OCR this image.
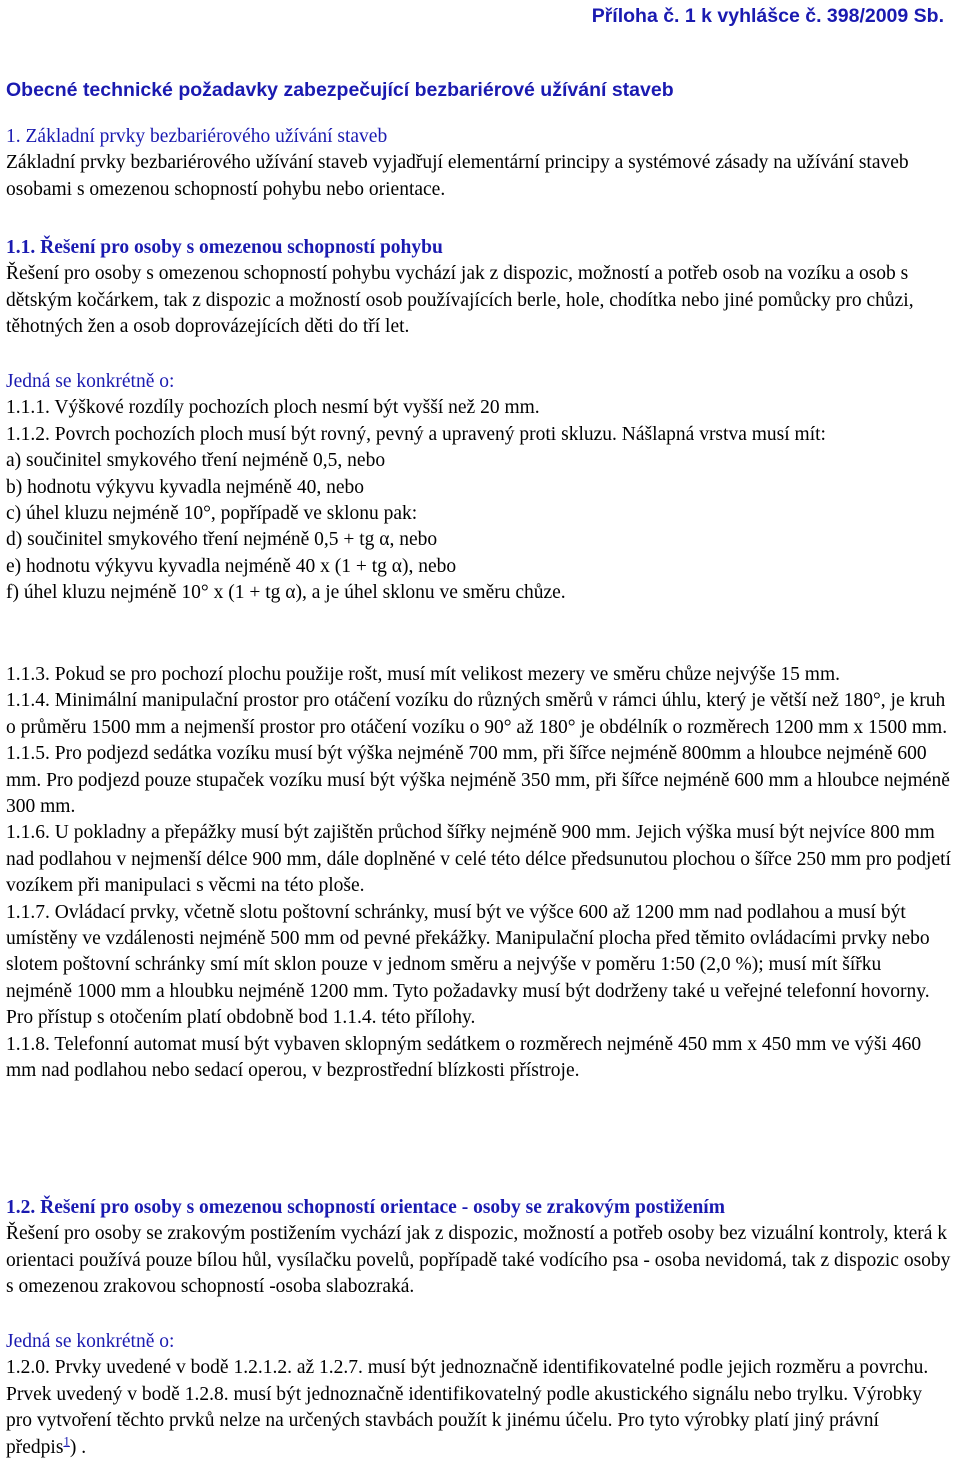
Příloha č. 1 k vyhlášce č. 398/2009 Sb.
Obecné technické požadavky zabezpečující bezbariérové užívání staveb

1. Základní prvky bezbariérového užívání staveb

Základní prvky bezbariérového užívání staveb vyjadřují elementární principy a systémové zásady na užívání staveb osobami s omezenou schopností pohybu nebo orientace.

1.1. Řešení pro osoby s omezenou schopností pohybu

Řešení pro osoby s omezenou schopností pohybu vychází jak z dispozic, možností a potřeb osob na vozíku a osob s dětským kočárkem, tak z dispozic a možností osob používajících berle, hole, chodítka nebo jiné pomůcky pro chůzi, těhotných žen a osob doprovázejících děti do tří let.

Jedná se konkrétně o:

1.1.1. Výškové rozdíly pochozích ploch nesmí být vyšší než 20 mm.

1.1.2. Povrch pochozích ploch musí být rovný, pevný a upravený proti skluzu. Nášlapná vrstva musí mít:

a) součinitel smykového tření nejméně 0,5, nebo

b) hodnotu výkyvu kyvadla nejméně 40, nebo

c) úhel kluzu nejméně 10°, popřípadě ve sklonu pak:

d) součinitel smykového tření nejméně 0,5 + tg α, nebo

e) hodnotu výkyvu kyvadla nejméně 40 x (1 + tg α), nebo

f) úhel kluzu nejméně 10° x (1 + tg α), a je úhel sklonu ve směru chůze.

1.1.3. Pokud se pro pochozí plochu použije rošt, musí mít velikost mezery ve směru chůze nejvýše 15 mm.

1.1.4. Minimální manipulační prostor pro otáčení vozíku do různých směrů v rámci úhlu, který je větší než 180°, je kruh o průměru 1500 mm a nejmenší prostor pro otáčení vozíku o 90° až 180° je obdélník o rozměrech 1200 mm x 1500 mm.

1.1.5. Pro podjezd sedátka vozíku musí být výška nejméně 700 mm, při šířce nejméně 800mm a hloubce nejméně 600 mm. Pro podjezd pouze stupaček vozíku musí být výška nejméně 350 mm, při šířce nejméně 600 mm a hloubce nejméně 300 mm.

1.1.6. U pokladny a přepážky musí být zajištěn průchod šířky nejméně 900 mm. Jejich výška musí být nejvíce 800 mm nad podlahou v nejmenší délce 900 mm, dále doplněné v celé této délce předsunutou plochou o šířce 250 mm pro podjetí vozíkem při manipulaci s věcmi na této ploše.

1.1.7. Ovládací prvky, včetně slotu poštovní schránky, musí být ve výšce 600 až 1200 mm nad podlahou a musí být umístěny ve vzdálenosti nejméně 500 mm od pevné překážky. Manipulační plocha před těmito ovládacími prvky nebo slotem poštovní schránky smí mít sklon pouze v jednom směru a nejvýše v poměru 1:50 (2,0 %); musí mít šířku nejméně 1000 mm a hloubku nejméně 1200 mm. Tyto požadavky musí být dodrženy také u veřejné telefonní hovorny. Pro přístup s otočením platí obdobně bod 1.1.4. této přílohy.

1.1.8. Telefonní automat musí být vybaven sklopným sedátkem o rozměrech nejméně 450 mm x 450 mm ve výši 460 mm nad podlahou nebo sedací operou, v bezprostřední blízkosti přístroje.

1.2. Řešení pro osoby s omezenou schopností orientace - osoby se zrakovým postižením

Řešení pro osoby se zrakovým postižením vychází jak z dispozic, možností a potřeb osoby bez vizuální kontroly, která k orientaci používá pouze bílou hůl, vysílačku povelů, popřípadě také vodícího psa - osoba nevidomá, tak z dispozic osoby s omezenou zrakovou schopností -osoba slabozraká.

Jedná se konkrétně o:

1.2.0. Prvky uvedené v bodě 1.2.1.2. až 1.2.7. musí být jednoznačně identifikovatelné podle jejich rozměru a povrchu. Prvek uvedený v bodě 1.2.8. musí být jednoznačně identifikovatelný podle akustického signálu nebo trylku. Výrobky pro vytvoření těchto prvků nelze na určených stavbách použít k jinému účelu. Pro tyto výrobky platí jiný právní předpis$^1$) .
